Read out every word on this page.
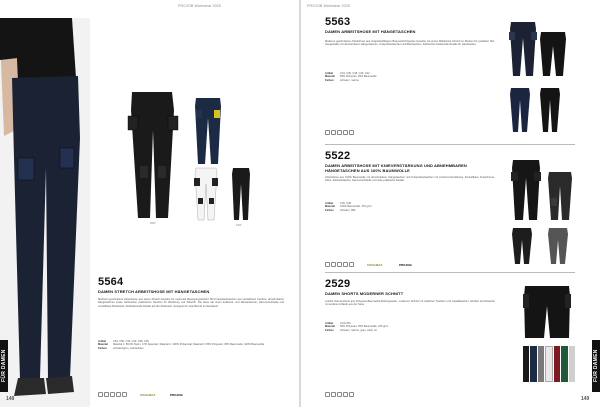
PROJOB Workwear 2025
FÜR DAMEN
148
9999
4299
5564
DAMEN STRETCH ARBEITSHOSE MIT HÄNGETASCHEN
Modisch geschnittene Arbeitshose aus einem Stretch-Gewebe für maximale Bewegungsfreiheit. Mit Kniepolstertaschen aus verstärktem Cordura, abnehmbaren Hängetaschen sowie zahlreichen praktischen Taschen für Werkzeug und Zubehör. Die Hose hat einen Zollstock- und Messertasche, Hammerschlaufe und verstellbare Bundweite. Reflektierende Details auf der Rückseite. Geeignet für viele Berufe im Handwerk.
Artikel	C54, C50, C46, C42, C38, C36
Material	Material 1: 83.0% Nylon, 17% Spandex; Material 2: 100% Polyamide; Material 3: 65% Polyester, 35% Baumwolle, 100% Baumwolle
Farben	schwarz/grün, marine/blau
COOLMAX	PROJOB
PROJOB Workwear 2025
FÜR DAMEN
149
5563
DAMEN ARBEITSHOSE MIT HÄNGETASCHEN
Moderne geschnittene Arbeitshose aus strapazierfähigem Baumwoll-Polyester-Gewebe mit einem Mittelstück Stretch im Rücken für perfekten Sitz. Ausgestattet mit abnehmbaren Hängetaschen, Kniepolstertaschen und Beintaschen. Zahlreiche funktionelle Details für Handwerker.
Artikel	C34, C36, C38, C40, C42
Material	65% Polyester, 35% Baumwolle
Farben	schwarz, marine
5522
DAMEN ARBEITSHOSE MIT KNIEVERSTÄRKUNG UND ABNEHMBAREN HÄNGETASCHEN AUS 100% BAUMWOLLE
Arbeitshose aus 100% Baumwolle mit abnehmbaren Hängetaschen und Kniepolstertaschen mit Cordura-Verstärkung. Einstellbare Knieschoner-Höhe, Zollstocktasche, Hammerschlaufe und viele praktische Details.
Artikel	C36, C38
Material	100% Baumwolle, 370 g/m²
Farben	schwarz, 999
COOLMAX	PROJOB
2529
DAMEN SHORTS MODERNER SCHNITT
Leichte Damenshorts aus Polyester-Baumwolle-Mischgewebe, moderner Schnitt mit seitlichen Taschen und Gesäßtaschen. Einfach kombinierbar mit anderen Artikeln aus der Serie.
Artikel	C34-C50
Material	65% Polyester, 35% Baumwolle, 245 g/m²
Farben	schwarz, marine, grau, weiß, rot
